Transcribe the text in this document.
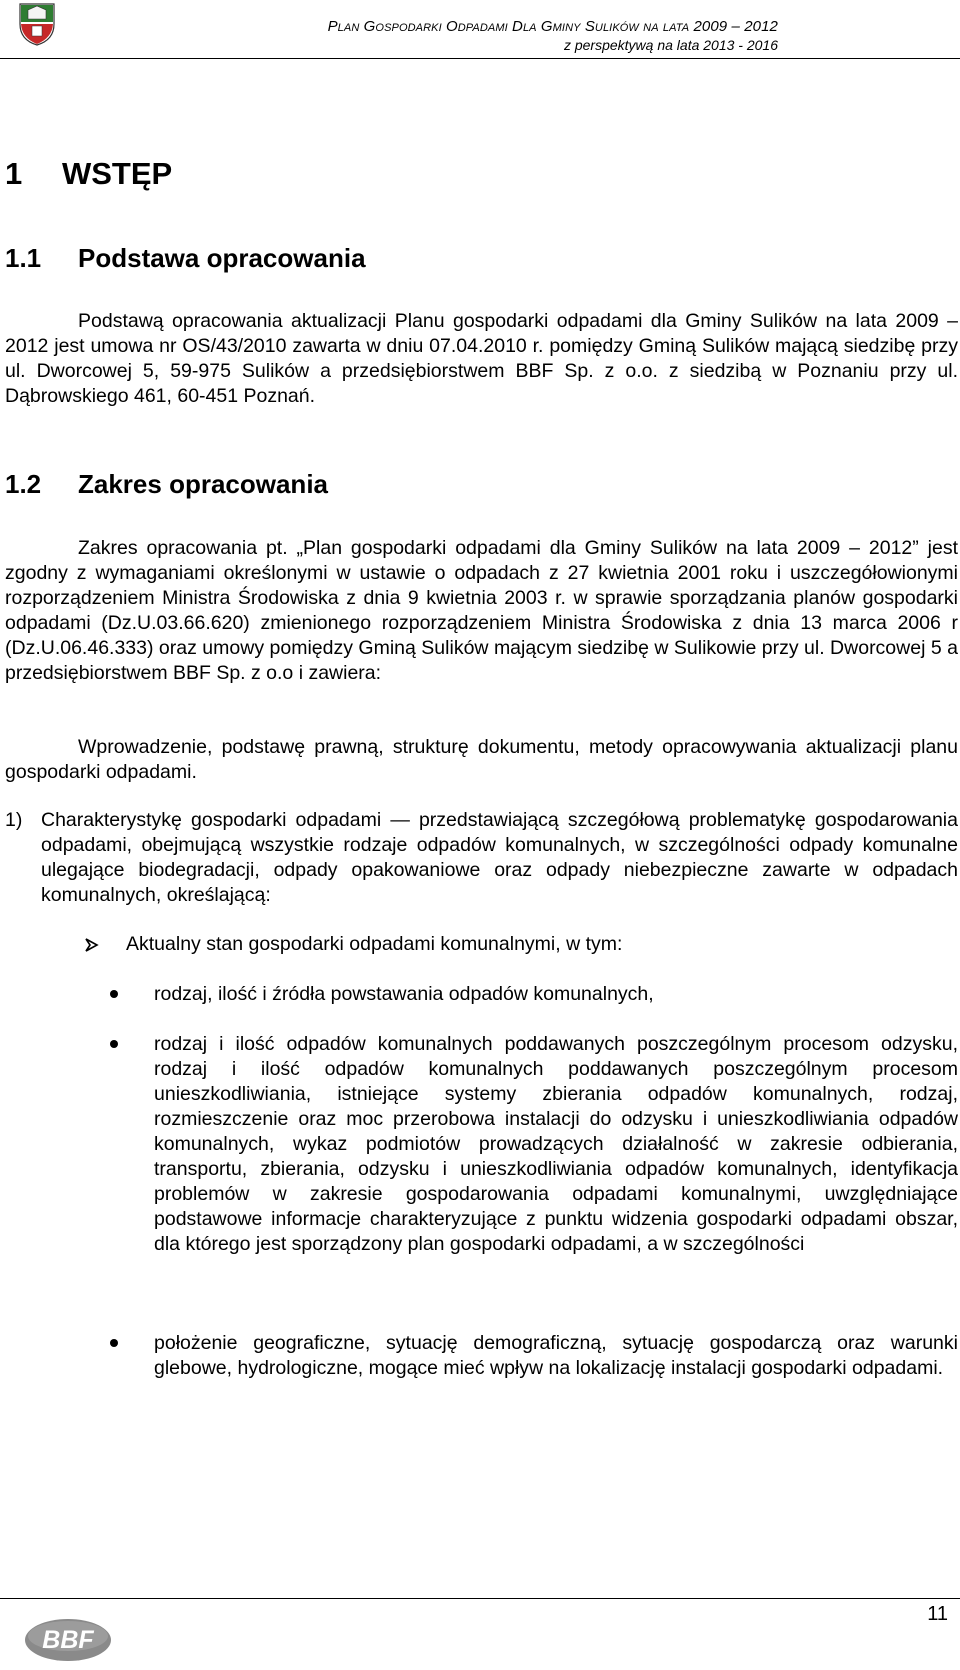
Plan Gospodarki Odpadami Dla Gminy Sulików na lata 2009 – 2012
z perspektywą na lata 2013 - 2016
1 WSTĘP
1.1 Podstawa opracowania

Podstawą opracowania aktualizacji Planu gospodarki odpadami dla Gminy Sulików na lata 2009 – 2012 jest umowa nr OS/43/2010 zawarta w dniu 07.04.2010 r. pomiędzy Gminą Sulików mającą siedzibę przy ul. Dworcowej 5, 59-975 Sulików a przedsiębiorstwem BBF Sp. z o.o. z siedzibą w Poznaniu przy ul. Dąbrowskiego 461, 60-451 Poznań.

1.2 Zakres opracowania

Zakres opracowania pt. „Plan gospodarki odpadami dla Gminy Sulików na lata 2009 – 2012” jest zgodny z wymaganiami określonymi w ustawie o odpadach z 27 kwietnia 2001 roku i uszczegółowionymi rozporządzeniem Ministra Środowiska z dnia 9 kwietnia 2003 r. w sprawie sporządzania planów gospodarki odpadami (Dz.U.03.66.620) zmienionego rozporządzeniem Ministra Środowiska z dnia 13 marca 2006 r (Dz.U.06.46.333) oraz umowy pomiędzy Gminą Sulików mającym siedzibę w Sulikowie przy ul. Dworcowej 5 a przedsiębiorstwem BBF Sp. z o.o i zawiera:

Wprowadzenie, podstawę prawną, strukturę dokumentu, metody opracowywania aktualizacji planu gospodarki odpadami.

1) Charakterystykę gospodarki odpadami — przedstawiającą szczegółową problematykę gospodarowania odpadami, obejmującą wszystkie rodzaje odpadów komunalnych, w szczególności odpady komunalne ulegające biodegradacji, odpady opakowaniowe oraz odpady niebezpieczne zawarte w odpadach komunalnych, określającą:
Aktualny stan gospodarki odpadami komunalnymi, w tym:
rodzaj, ilość i źródła powstawania odpadów komunalnych,
rodzaj i ilość odpadów komunalnych poddawanych poszczególnym procesom odzysku, rodzaj i ilość odpadów komunalnych poddawanych poszczególnym procesom unieszkodliwiania, istniejące systemy zbierania odpadów komunalnych, rodzaj, rozmieszczenie oraz moc przerobowa instalacji do odzysku i unieszkodliwiania odpadów komunalnych, wykaz podmiotów prowadzących działalność w zakresie odbierania, transportu, zbierania, odzysku i unieszkodliwiania odpadów komunalnych, identyfikacja problemów w zakresie gospodarowania odpadami komunalnymi, uwzględniające podstawowe informacje charakteryzujące z punktu widzenia gospodarki odpadami obszar, dla którego jest sporządzony plan gospodarki odpadami, a w szczególności
położenie geograficzne, sytuację demograficzną, sytuację gospodarczą oraz warunki glebowe, hydrologiczne, mogące mieć wpływ na lokalizację instalacji gospodarki odpadami.
11
BBF
